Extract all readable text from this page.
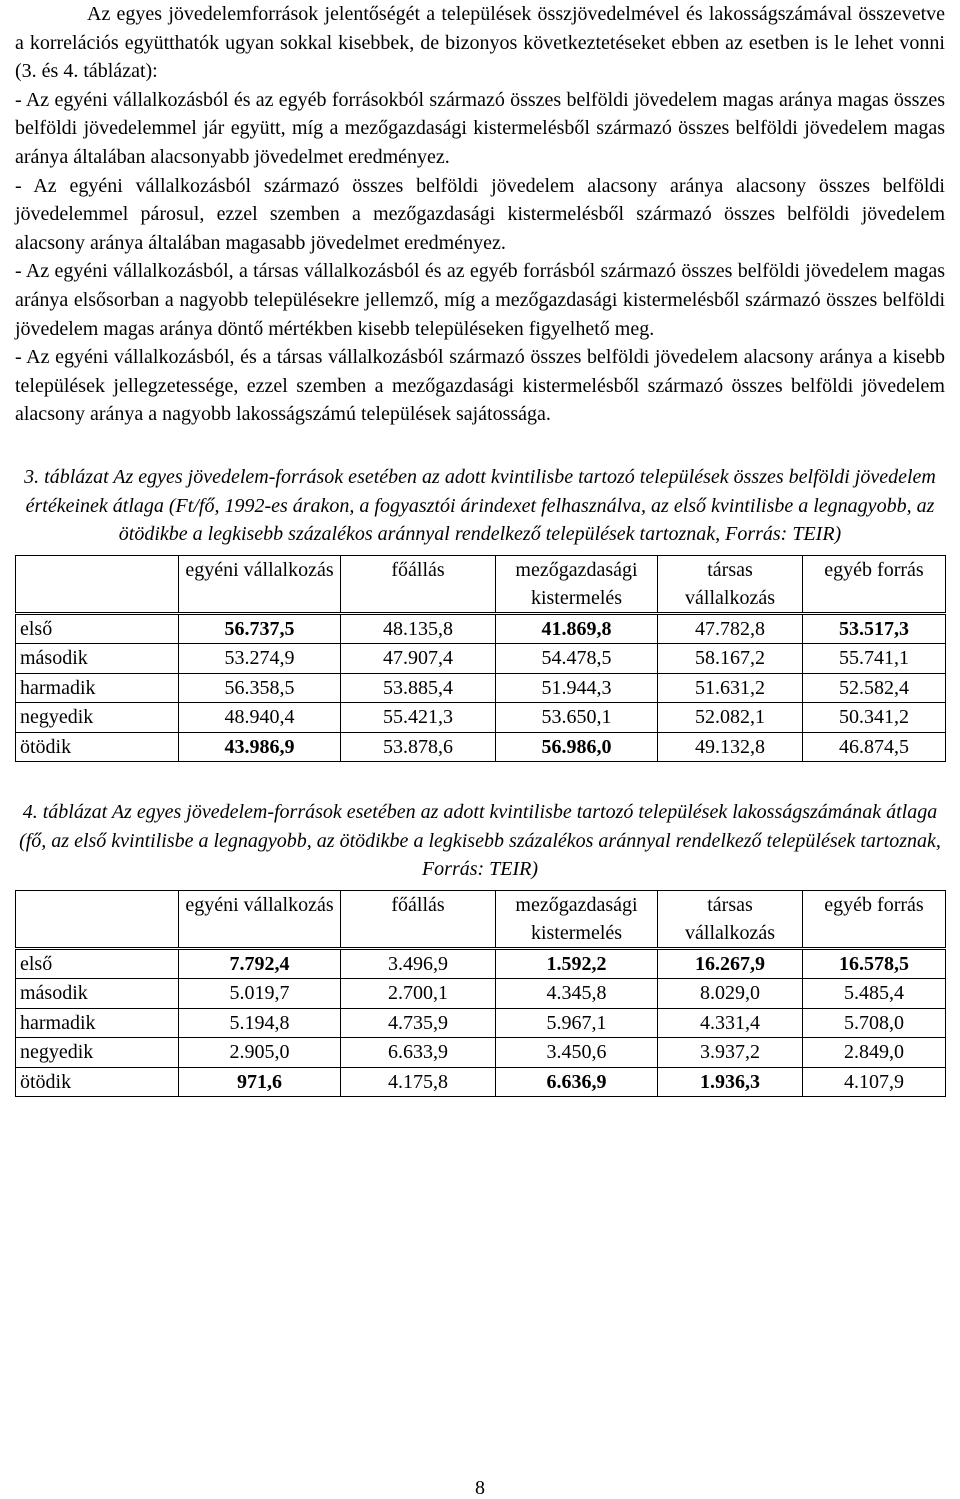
Az egyes jövedelemforrások jelentőségét a települések összjövedelmével és lakosságszámával összevetve a korrelációs együtthatók ugyan sokkal kisebbek, de bizonyos következtetéseket ebben az esetben is le lehet vonni (3. és 4. táblázat):

- Az egyéni vállalkozásból és az egyéb forrásokból származó összes belföldi jövedelem magas aránya magas összes belföldi jövedelemmel jár együtt, míg a mezőgazdasági kistermelésből származó összes belföldi jövedelem magas aránya általában alacsonyabb jövedelmet eredményez.

- Az egyéni vállalkozásból származó összes belföldi jövedelem alacsony aránya alacsony összes belföldi jövedelemmel párosul, ezzel szemben a mezőgazdasági kistermelésből származó összes belföldi jövedelem alacsony aránya általában magasabb jövedelmet eredményez.

- Az egyéni vállalkozásból, a társas vállalkozásból és az egyéb forrásból származó összes belföldi jövedelem magas aránya elsősorban a nagyobb településekre jellemző, míg a mezőgazdasági kistermelésből származó összes belföldi jövedelem magas aránya döntő mértékben kisebb településeken figyelhető meg.

- Az egyéni vállalkozásból, és a társas vállalkozásból származó összes belföldi jövedelem alacsony aránya a kisebb települések jellegzetessége, ezzel szemben a mezőgazdasági kistermelésből származó összes belföldi jövedelem alacsony aránya a nagyobb lakosságszámú települések sajátossága.

3. táblázat Az egyes jövedelem-források esetében az adott kvintilisbe tartozó települések összes belföldi jövedelem értékeinek átlaga (Ft/fő, 1992-es árakon, a fogyasztói árindexet felhasználva, az első kvintilisbe a legnagyobb, az ötödikbe a legkisebb százalékos aránnyal rendelkező települések tartoznak, Forrás: TEIR)

	egyéni vállalkozás	főállás	mezőgazdasági kistermelés	társas vállalkozás	egyéb forrás
első	56.737,5	48.135,8	41.869,8	47.782,8	53.517,3
második	53.274,9	47.907,4	54.478,5	58.167,2	55.741,1
harmadik	56.358,5	53.885,4	51.944,3	51.631,2	52.582,4
negyedik	48.940,4	55.421,3	53.650,1	52.082,1	50.341,2
ötödik	43.986,9	53.878,6	56.986,0	49.132,8	46.874,5

4. táblázat Az egyes jövedelem-források esetében az adott kvintilisbe tartozó települések lakosságszámának átlaga (fő, az első kvintilisbe a legnagyobb, az ötödikbe a legkisebb százalékos aránnyal rendelkező települések tartoznak, Forrás: TEIR)

	egyéni vállalkozás	főállás	mezőgazdasági kistermelés	társas vállalkozás	egyéb forrás
első	7.792,4	3.496,9	1.592,2	16.267,9	16.578,5
második	5.019,7	2.700,1	4.345,8	8.029,0	5.485,4
harmadik	5.194,8	4.735,9	5.967,1	4.331,4	5.708,0
negyedik	2.905,0	6.633,9	3.450,6	3.937,2	2.849,0
ötödik	971,6	4.175,8	6.636,9	1.936,3	4.107,9
8
